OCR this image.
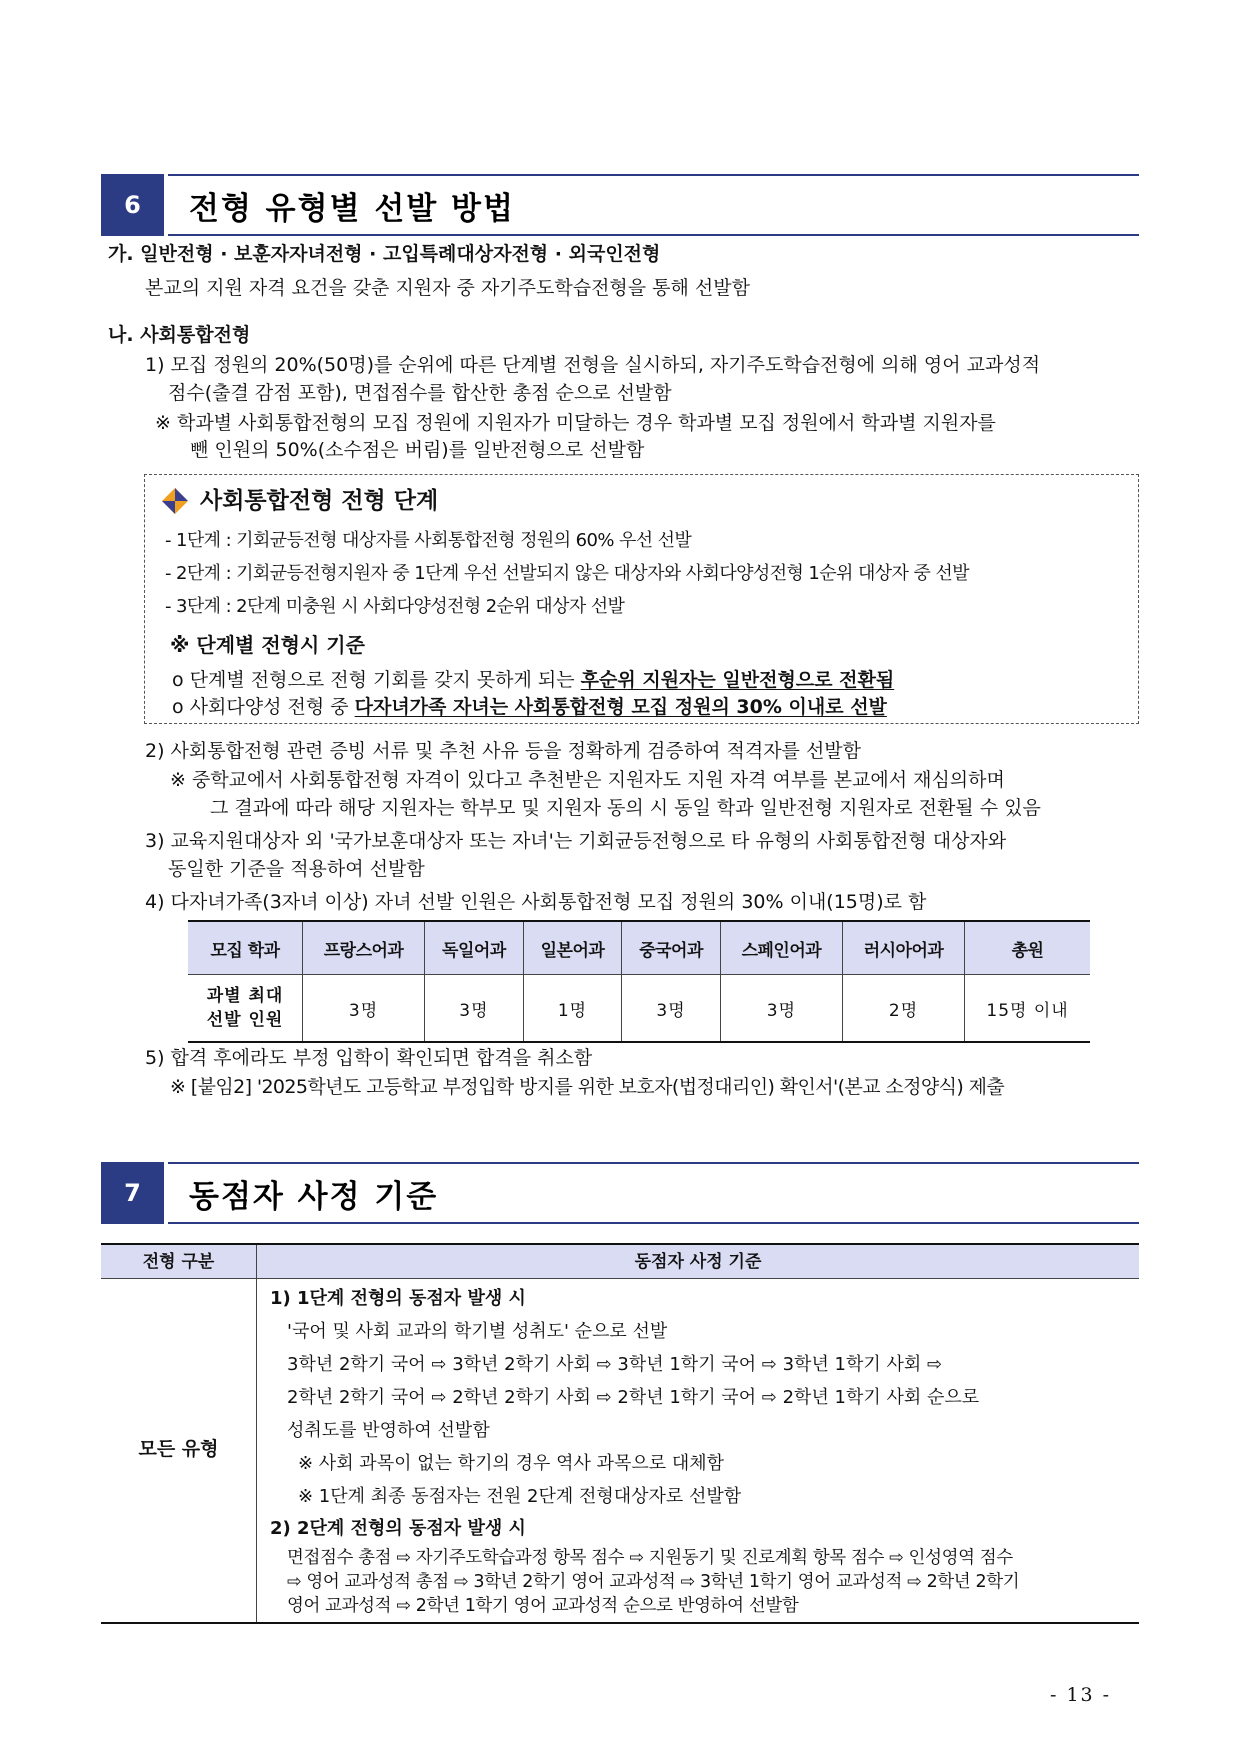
6	전형 유형별 선발 방법
가. 일반전형 · 보훈자자녀전형 · 고입특례대상자전형 · 외국인전형
본교의 지원 자격 요건을 갖춘 지원자 중 자기주도학습전형을 통해 선발함
나. 사회통합전형
1) 모집 정원의 20%(50명)를 순위에 따른 단계별 전형을 실시하되, 자기주도학습전형에 의해 영어 교과성적
점수(출결 감점 포함), 면접점수를 합산한 총점 순으로 선발함
※ 학과별 사회통합전형의 모집 정원에 지원자가 미달하는 경우 학과별 모집 정원에서 학과별 지원자를
뺀 인원의 50%(소수점은 버림)를 일반전형으로 선발함
사회통합전형 전형 단계
- 1단계 : 기회균등전형 대상자를 사회통합전형 정원의 60% 우선 선발
- 2단계 : 기회균등전형지원자 중 1단계 우선 선발되지 않은 대상자와 사회다양성전형 1순위 대상자 중 선발
- 3단계 : 2단계 미충원 시 사회다양성전형 2순위 대상자 선발
※ 단계별 전형시 기준
o 단계별 전형으로 전형 기회를 갖지 못하게 되는 후순위 지원자는 일반전형으로 전환됨
o 사회다양성 전형 중 다자녀가족 자녀는 사회통합전형 모집 정원의 30% 이내로 선발
2) 사회통합전형 관련 증빙 서류 및 추천 사유 등을 정확하게 검증하여 적격자를 선발함
※ 중학교에서 사회통합전형 자격이 있다고 추천받은 지원자도 지원 자격 여부를 본교에서 재심의하며
그 결과에 따라 해당 지원자는 학부모 및 지원자 동의 시 동일 학과 일반전형 지원자로 전환될 수 있음
3) 교육지원대상자 외 '국가보훈대상자 또는 자녀'는 기회균등전형으로 타 유형의 사회통합전형 대상자와
동일한 기준을 적용하여 선발함
4) 다자녀가족(3자녀 이상) 자녀 선발 인원은 사회통합전형 모집 정원의 30% 이내(15명)로 함
모집 학과	프랑스어과	독일어과	일본어과	중국어과	스페인어과	러시아어과	총원

과별 최대
선발 인원	3명	3명	1명	3명	3명	2명	15명 이내
5) 합격 후에라도 부정 입학이 확인되면 합격을 취소함
※ [붙임2] '2025학년도 고등학교 부정입학 방지를 위한 보호자(법정대리인) 확인서'(본교 소정양식) 제출
7	동점자 사정 기준
전형 구분	동점자 사정 기준
모든 유형
1) 1단계 전형의 동점자 발생 시
'국어 및 사회 교과의 학기별 성취도' 순으로 선발
3학년 2학기 국어 ⇨ 3학년 2학기 사회 ⇨ 3학년 1학기 국어 ⇨ 3학년 1학기 사회 ⇨
2학년 2학기 국어 ⇨ 2학년 2학기 사회 ⇨ 2학년 1학기 국어 ⇨ 2학년 1학기 사회 순으로
성취도를 반영하여 선발함
※ 사회 과목이 없는 학기의 경우 역사 과목으로 대체함
※ 1단계 최종 동점자는 전원 2단계 전형대상자로 선발함
2) 2단계 전형의 동점자 발생 시
면접점수 총점 ⇨ 자기주도학습과정 항목 점수 ⇨ 지원동기 및 진로계획 항목 점수 ⇨ 인성영역 점수
⇨ 영어 교과성적 총점 ⇨ 3학년 2학기 영어 교과성적 ⇨ 3학년 1학기 영어 교과성적 ⇨ 2학년 2학기
영어 교과성적 ⇨ 2학년 1학기 영어 교과성적 순으로 반영하여 선발함
- 13 -
